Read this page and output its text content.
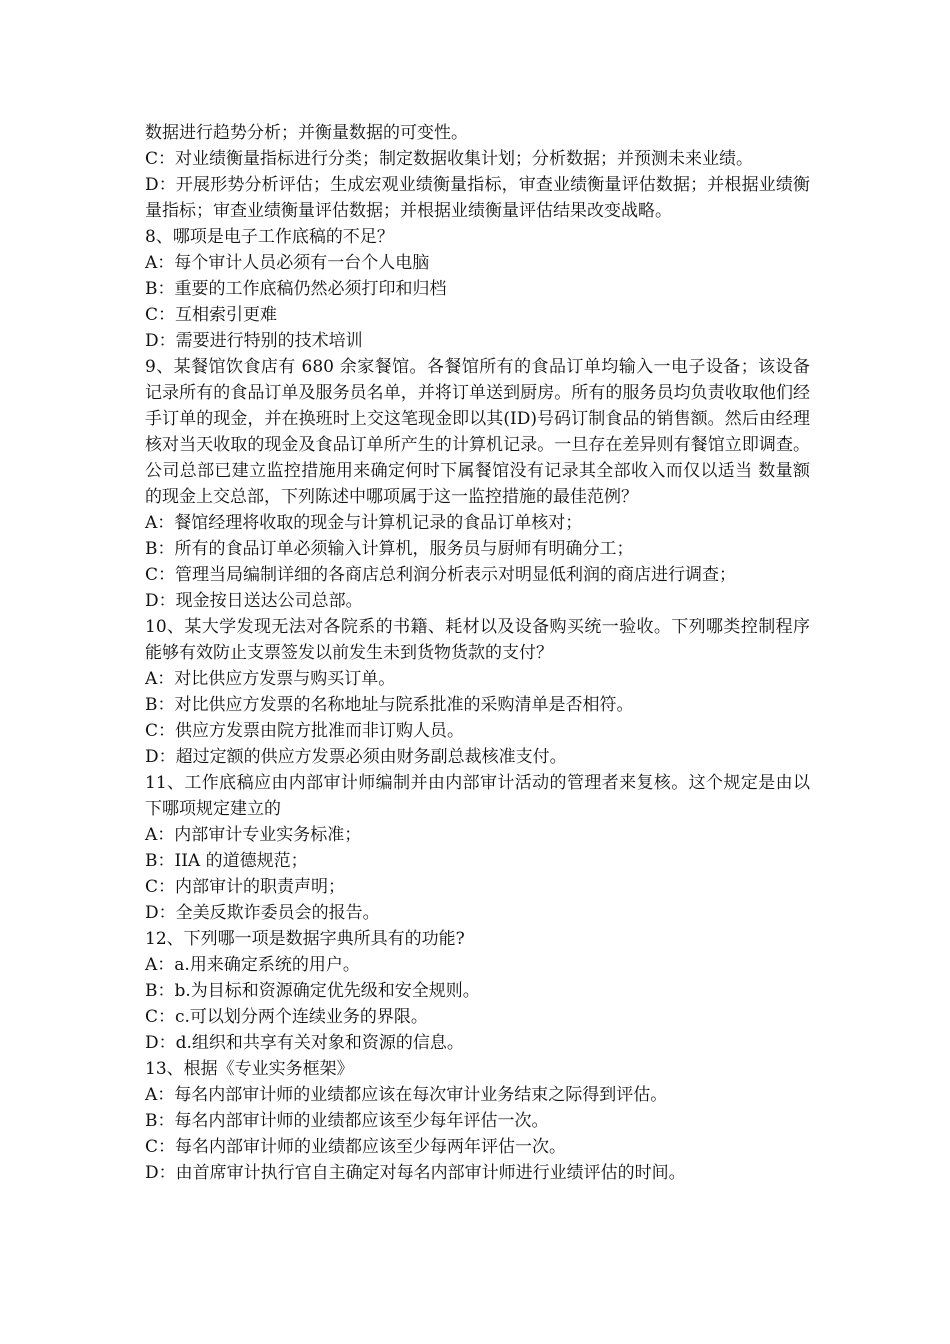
数据进行趋势分析；并衡量数据的可变性。

C：对业绩衡量指标进行分类；制定数据收集计划；分析数据；并预测未来业绩。

D：开展形势分析评估；生成宏观业绩衡量指标，审查业绩衡量评估数据；并根据业绩衡量指标；审查业绩衡量评估数据；并根据业绩衡量评估结果改变战略。

8、哪项是电子工作底稿的不足？

A：每个审计人员必须有一台个人电脑

B：重要的工作底稿仍然必须打印和归档

C：互相索引更难

D：需要进行特别的技术培训

9、某餐馆饮食店有 680 余家餐馆。各餐馆所有的食品订单均输入一电子设备；该设备记录所有的食品订单及服务员名单，并将订单送到厨房。所有的服务员均负责收取他们经手订单的现金，并在换班时上交这笔现金即以其(ID)号码订制食品的销售额。然后由经理核对当天收取的现金及食品订单所产生的计算机记录。一旦存在差异则有餐馆立即调查。公司总部已建立监控措施用来确定何时下属餐馆没有记录其全部收入而仅以适当 数量额的现金上交总部，下列陈述中哪项属于这一监控措施的最佳范例？

A：餐馆经理将收取的现金与计算机记录的食品订单核对；

B：所有的食品订单必须输入计算机，服务员与厨师有明确分工；

C：管理当局编制详细的各商店总利润分析表示对明显低利润的商店进行调查；

D：现金按日送达公司总部。

10、某大学发现无法对各院系的书籍、耗材以及设备购买统一验收。下列哪类控制程序能够有效防止支票签发以前发生未到货物货款的支付？

A：对比供应方发票与购买订单。

B：对比供应方发票的名称地址与院系批准的采购清单是否相符。

C：供应方发票由院方批准而非订购人员。

D：超过定额的供应方发票必须由财务副总裁核准支付。

11、工作底稿应由内部审计师编制并由内部审计活动的管理者来复核。这个规定是由以下哪项规定建立的

A：内部审计专业实务标准；

B：IIA 的道德规范；

C：内部审计的职责声明；

D：全美反欺诈委员会的报告。

12、下列哪一项是数据字典所具有的功能?

A：a.用来确定系统的用户。

B：b.为目标和资源确定优先级和安全规则。

C：c.可以划分两个连续业务的界限。

D：d.组织和共享有关对象和资源的信息。

13、根据《专业实务框架》

A：每名内部审计师的业绩都应该在每次审计业务结束之际得到评估。

B：每名内部审计师的业绩都应该至少每年评估一次。

C：每名内部审计师的业绩都应该至少每两年评估一次。

D：由首席审计执行官自主确定对每名内部审计师进行业绩评估的时间。
